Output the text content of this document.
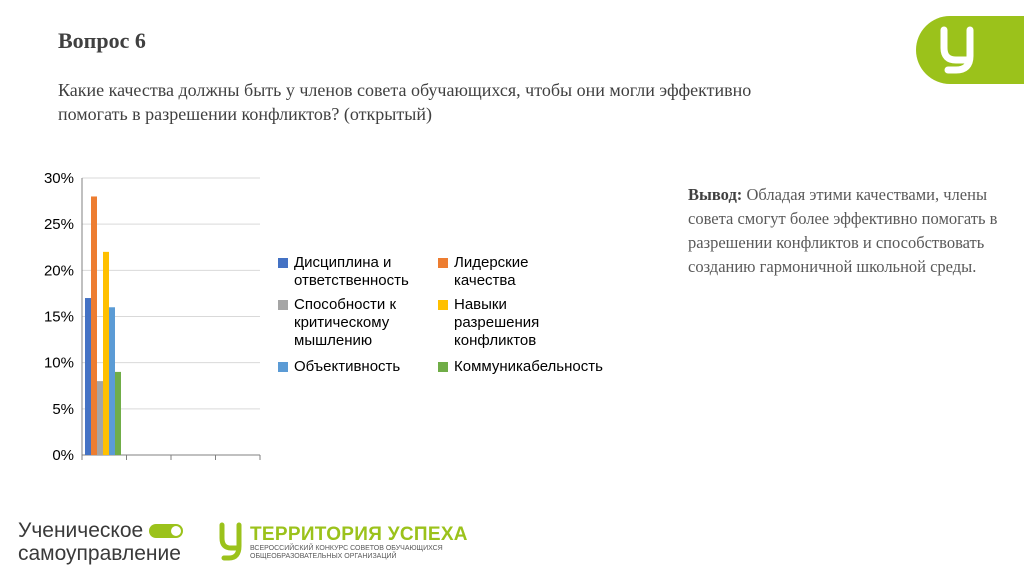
Вопрос 6
Какие качества должны быть у членов совета обучающихся, чтобы они могли эффективно помогать в разрешении конфликтов? (открытый)
0%
5%
10%
15%
20%
25%
30%
Дисциплина и ответственность
Лидерские качества
Способности к критическому мышлению
Навыки разрешения конфликтов
Объективность	Коммуникабельность
Вывод: Обладая этими качествами, члены совета смогут более эффективно помогать в разрешении конфликтов и способствовать созданию гармоничной школьной среды.
Ученическое
самоуправление
ТЕРРИТОРИЯ УСПЕХА
ВСЕРОССИЙСКИЙ КОНКУРС СОВЕТОВ ОБУЧАЮЩИХСЯ
ОБЩЕОБРАЗОВАТЕЛЬНЫХ ОРГАНИЗАЦИЙ
